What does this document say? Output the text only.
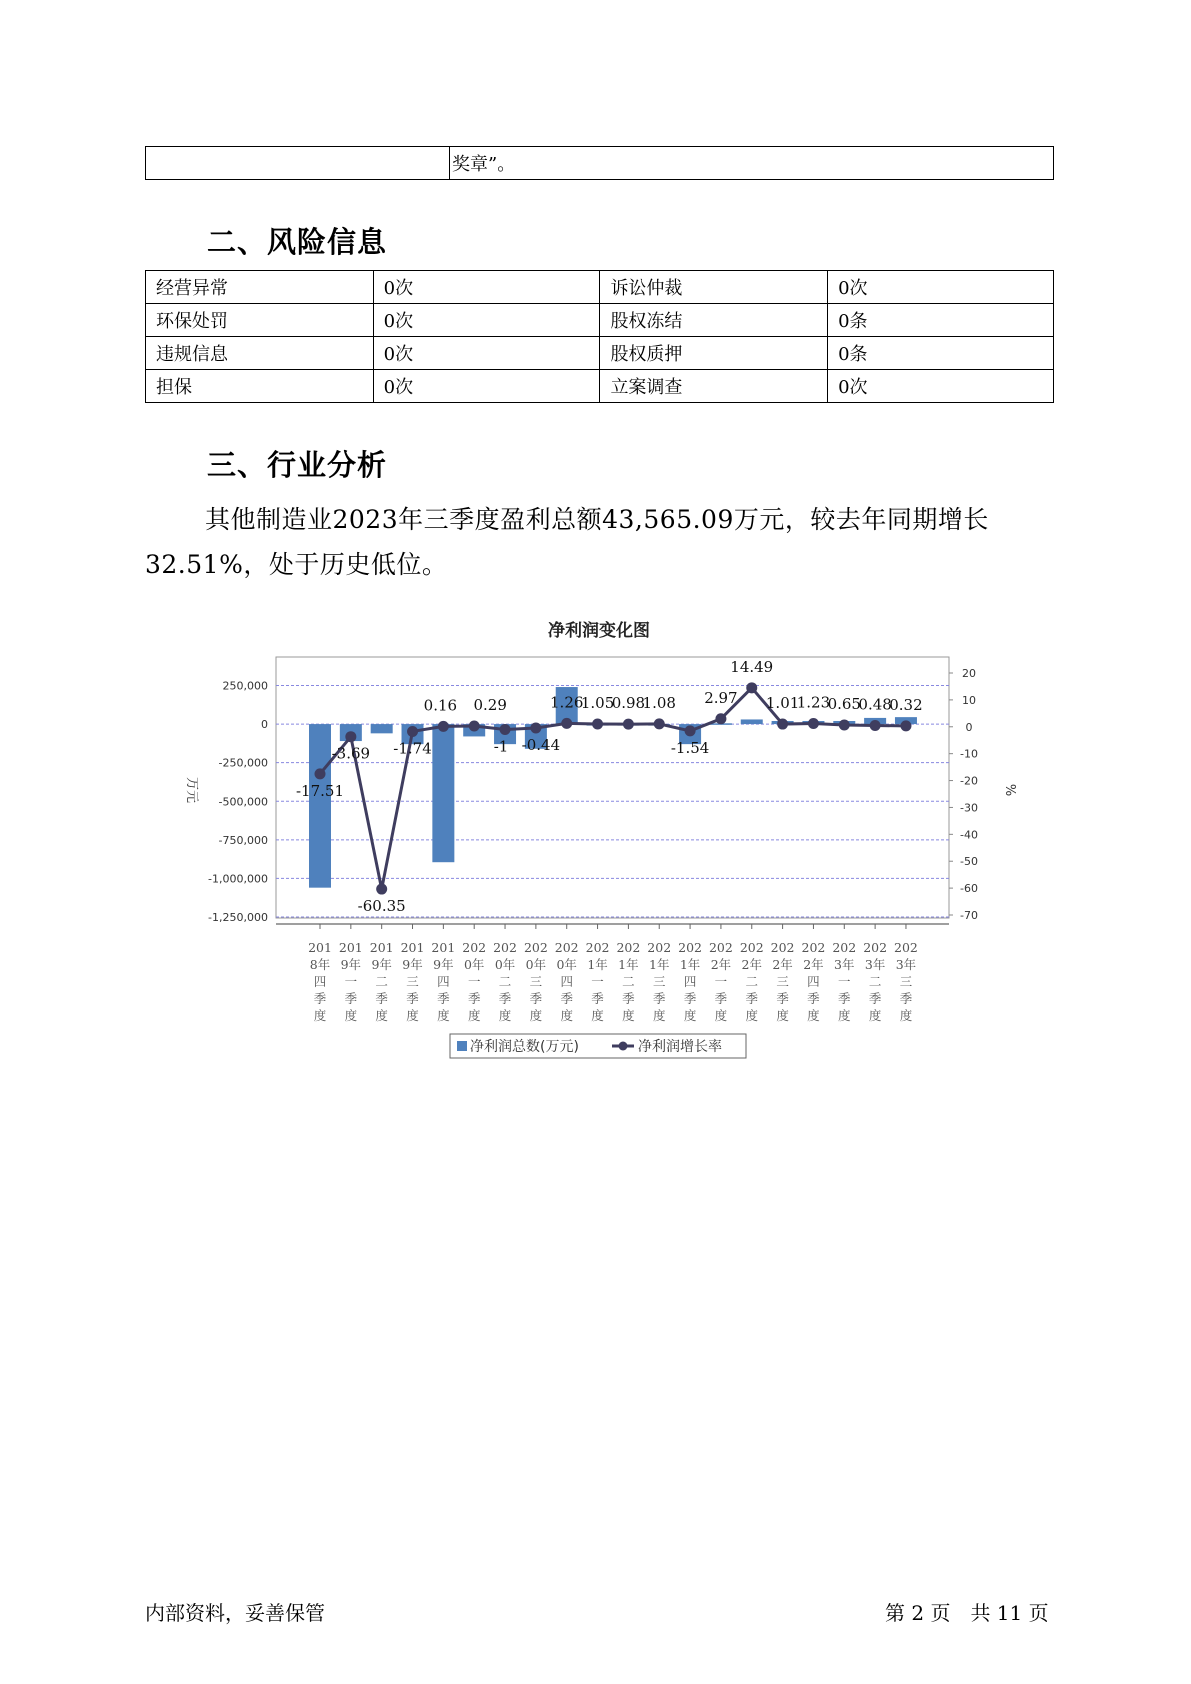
	奖章”。
二、风险信息
经营异常	0次	诉讼仲裁	0次
环保处罚	0次	股权冻结	0条
违规信息	0次	股权质押	0条
担保	0次	立案调查	0次
三、行业分析
其他制造业2023年三季度盈利总额43,565.09万元，较去年同期增长32.51%，处于历史低位。
净利润变化图
250,000
0
-250,000
-500,000
-750,000
-1,000,000
-1,250,000
万元
20
10
0
-10
-20
-30
-40
-50
-60
-70
%
-17.51
-3.69
-60.35
-1.74
0.16 0.29
-1 -0.44
1.26
1.05
0.98
1.08
-1.54
2.97
14.49
1.01
1.23
0.65
0.48
0.32
201
8年
四
季
度
201
9年
一
季
度
201
9年
二
季
度
201
9年
三
季
度
201
9年
四
季
度
202
0年
一
季
度
202
0年
二
季
度
202
0年
三
季
度
202
0年
四
季
度
202
1年
一
季
度
202
1年
二
季
度
202
1年
三
季
度
202
1年
四
季
度
202
2年
一
季
度
202
2年
二
季
度
202
2年
三
季
度
202
2年
四
季
度
202
3年
一
季
度
202
3年
二
季
度
202
3年
三
季
度
净利润总数(万元)	净利润增长率
内部资料，妥善保管	第 2 页　共 11 页
